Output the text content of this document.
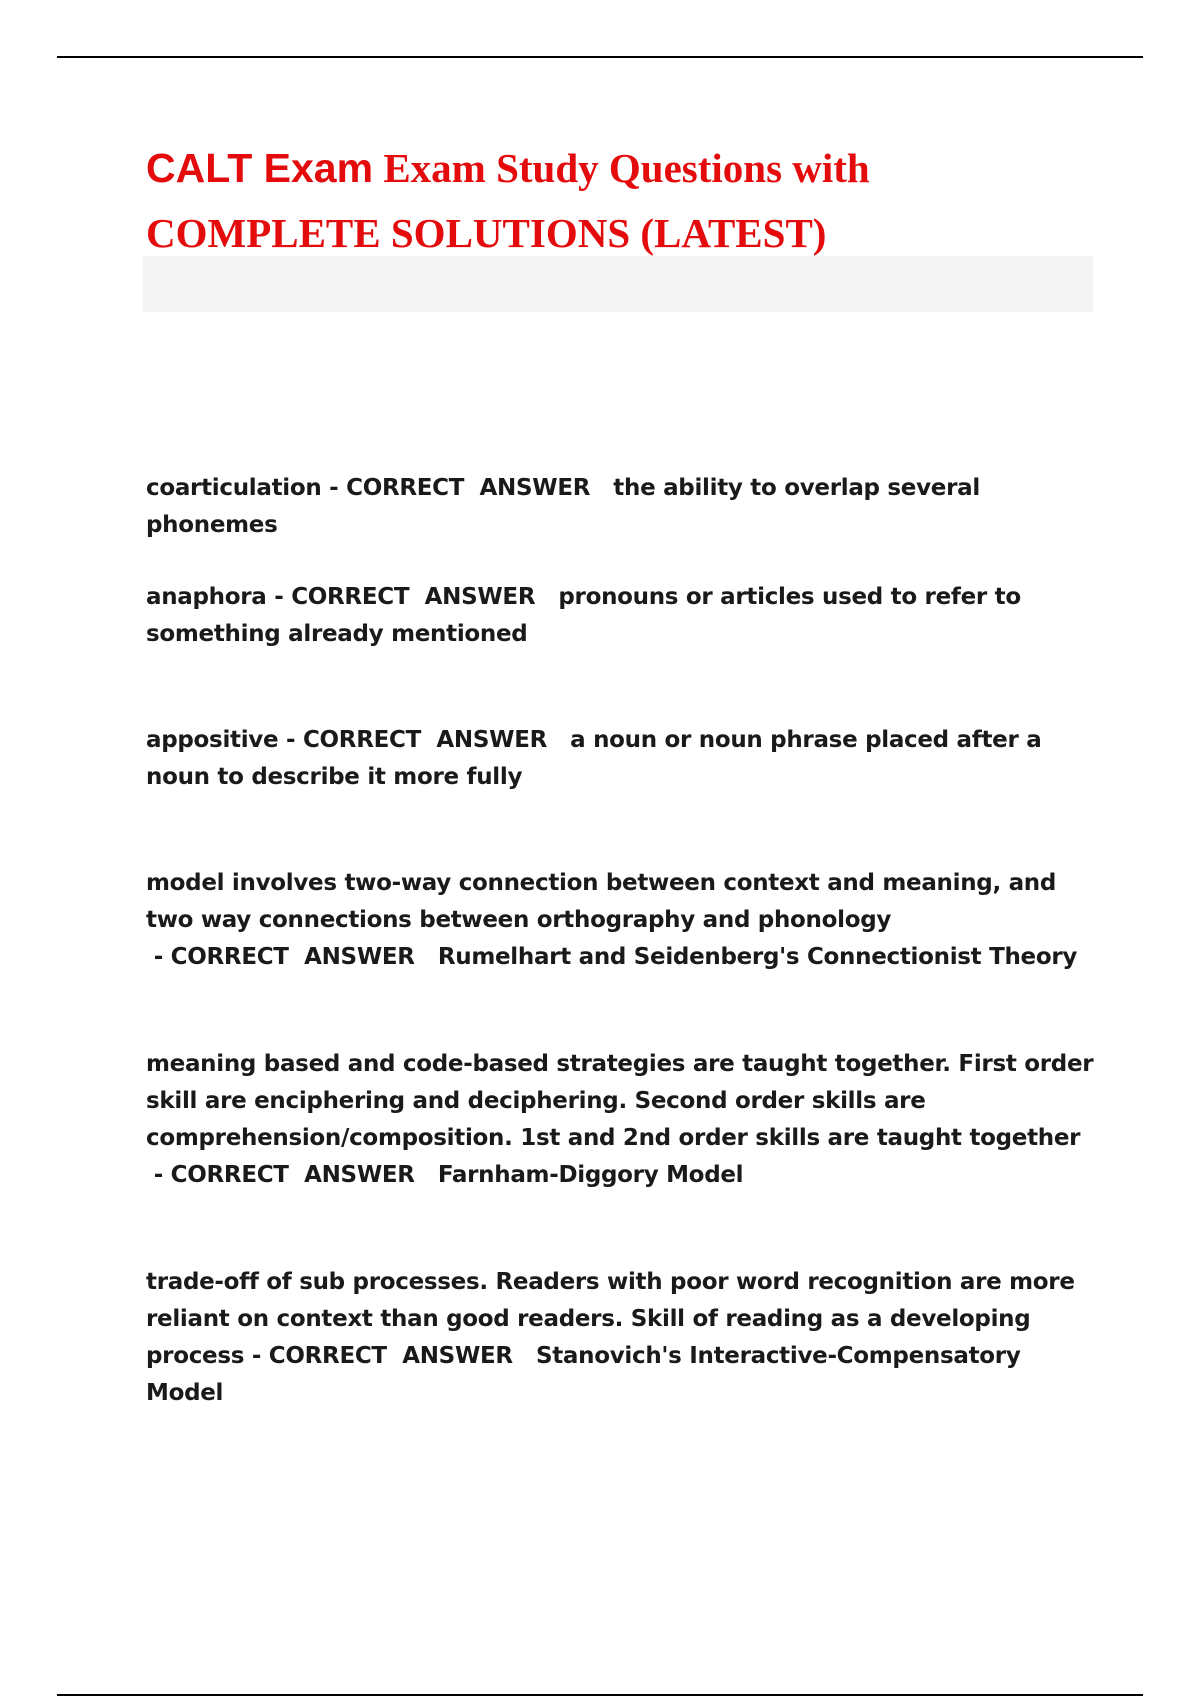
CALT Exam Exam Study Questions with
COMPLETE SOLUTIONS (LATEST)
coarticulation - CORRECT  ANSWER   the ability to overlap several phonemes
anaphora - CORRECT  ANSWER   pronouns or articles used to refer to something already mentioned
appositive - CORRECT  ANSWER   a noun or noun phrase placed after a noun to describe it more fully
model involves two-way connection between context and meaning, and two way connections between orthography and phonology - CORRECT  ANSWER   Rumelhart and Seidenberg's Connectionist Theory
meaning based and code-based strategies are taught together. First order skill are enciphering and deciphering. Second order skills are comprehension/composition. 1st and 2nd order skills are taught together - CORRECT  ANSWER   Farnham-Diggory Model
trade-off of sub processes. Readers with poor word recognition are more reliant on context than good readers. Skill of reading as a developing process - CORRECT  ANSWER   Stanovich's Interactive-Compensatory Model
